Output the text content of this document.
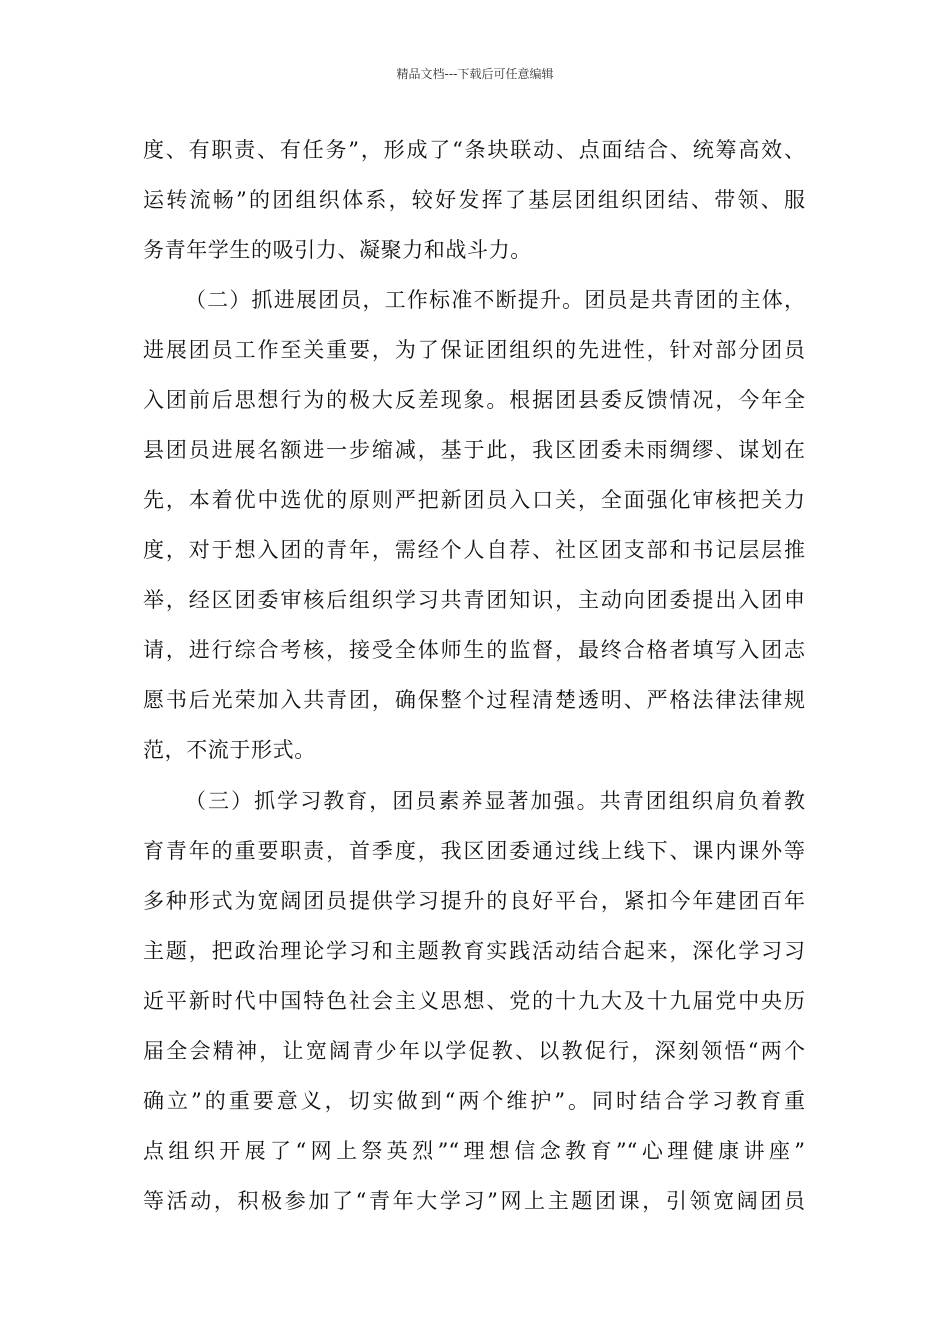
精品文档---下载后可任意编辑
度、有职责、有任务”，形成了“条块联动、点面结合、统筹高效、
运转流畅”的团组织体系，较好发挥了基层团组织团结、带领、服
务青年学生的吸引力、凝聚力和战斗力。
（二）抓进展团员，工作标准不断提升。团员是共青团的主体，
进展团员工作至关重要，为了保证团组织的先进性，针对部分团员
入团前后思想行为的极大反差现象。根据团县委反馈情况，今年全
县团员进展名额进一步缩减，基于此，我区团委未雨绸缪、谋划在
先，本着优中选优的原则严把新团员入口关，全面强化审核把关力
度，对于想入团的青年，需经个人自荐、社区团支部和书记层层推
举，经区团委审核后组织学习共青团知识，主动向团委提出入团申
请，进行综合考核，接受全体师生的监督，最终合格者填写入团志
愿书后光荣加入共青团，确保整个过程清楚透明、严格法律法律规
范，不流于形式。
（三）抓学习教育，团员素养显著加强。共青团组织肩负着教
育青年的重要职责，首季度，我区团委通过线上线下、课内课外等
多种形式为宽阔团员提供学习提升的良好平台，紧扣今年建团百年
主题，把政治理论学习和主题教育实践活动结合起来，深化学习习
近平新时代中国特色社会主义思想、党的十九大及十九届党中央历
届全会精神，让宽阔青少年以学促教、以教促行，深刻领悟“两个
确立”的重要意义，切实做到“两个维护”。同时结合学习教育重
点组织开展了“网上祭英烈”“理想信念教育”“心理健康讲座”
等活动，积极参加了“青年大学习”网上主题团课，引领宽阔团员
